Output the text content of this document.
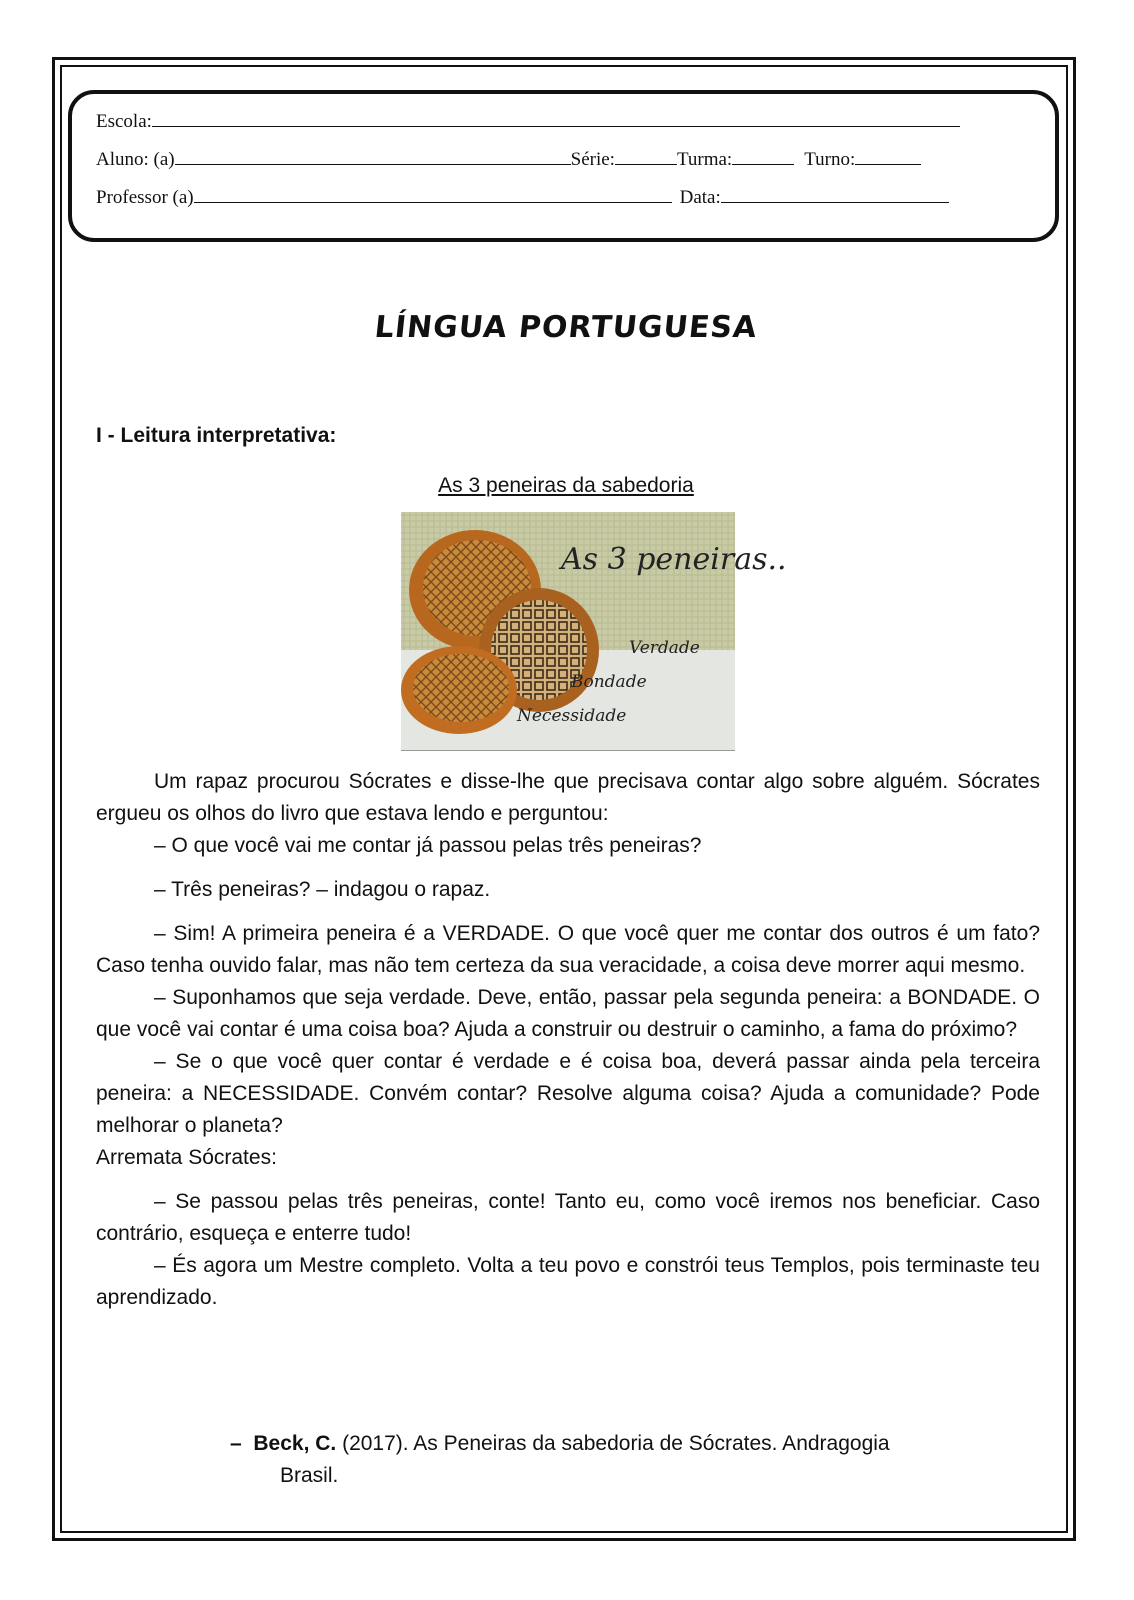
Escola:
Aluno: (a)	Série:	Turma:	Turno:
Professor (a)	Data:
LÍNGUA PORTUGUESA
I - Leitura interpretativa:
As 3 peneiras da sabedoria
As 3 peneiras..
Verdade
Bondade
Necessidade

Um rapaz procurou Sócrates e disse-lhe que precisava contar algo sobre alguém. Sócrates ergueu os olhos do livro que estava lendo e perguntou:

– O que você vai me contar já passou pelas três peneiras?

– Três peneiras? – indagou o rapaz.

– Sim! A primeira peneira é a VERDADE. O que você quer me contar dos outros é um fato? Caso tenha ouvido falar, mas não tem certeza da sua veracidade, a coisa deve morrer aqui mesmo.

– Suponhamos que seja verdade. Deve, então, passar pela segunda peneira: a BONDADE. O que você vai contar é uma coisa boa? Ajuda a construir ou destruir o caminho, a fama do próximo?

– Se o que você quer contar é verdade e é coisa boa, deverá passar ainda pela terceira peneira: a NECESSIDADE. Convém contar? Resolve alguma coisa? Ajuda a comunidade? Pode melhorar o planeta?

Arremata Sócrates:

– Se passou pelas três peneiras, conte! Tanto eu, como você iremos nos beneficiar. Caso contrário, esqueça e enterre tudo!

– És agora um Mestre completo. Volta a teu povo e constrói teus Templos, pois terminaste teu aprendizado.

– Beck, C. (2017). As Peneiras da sabedoria de Sócrates. Andragogia
Brasil.
